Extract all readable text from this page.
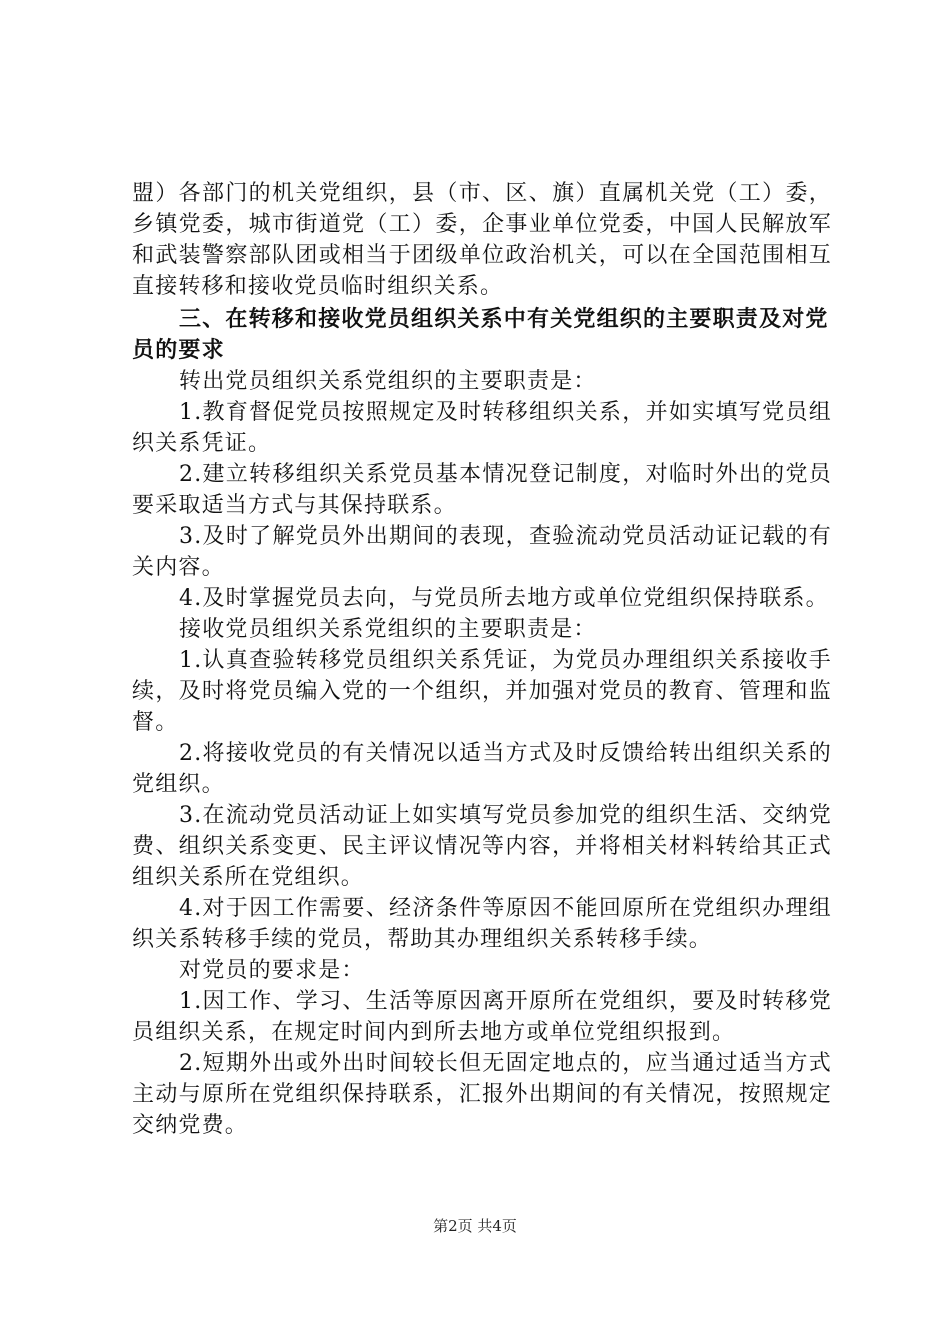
盟）各部门的机关党组织，县（市、区、旗）直属机关党（工）委，乡镇党委，城市街道党（工）委，企事业单位党委，中国人民解放军和武装警察部队团或相当于团级单位政治机关，可以在全国范围相互直接转移和接收党员临时组织关系。

三、在转移和接收党员组织关系中有关党组织的主要职责及对党员的要求

转出党员组织关系党组织的主要职责是：

1.教育督促党员按照规定及时转移组织关系，并如实填写党员组织关系凭证。

2.建立转移组织关系党员基本情况登记制度，对临时外出的党员要采取适当方式与其保持联系。

3.及时了解党员外出期间的表现，查验流动党员活动证记载的有关内容。

4.及时掌握党员去向，与党员所去地方或单位党组织保持联系。

接收党员组织关系党组织的主要职责是：

1.认真查验转移党员组织关系凭证，为党员办理组织关系接收手续，及时将党员编入党的一个组织，并加强对党员的教育、管理和监督。

2.将接收党员的有关情况以适当方式及时反馈给转出组织关系的党组织。

3.在流动党员活动证上如实填写党员参加党的组织生活、交纳党费、组织关系变更、民主评议情况等内容，并将相关材料转给其正式组织关系所在党组织。

4.对于因工作需要、经济条件等原因不能回原所在党组织办理组织关系转移手续的党员，帮助其办理组织关系转移手续。

对党员的要求是：

1.因工作、学习、生活等原因离开原所在党组织，要及时转移党员组织关系，在规定时间内到所去地方或单位党组织报到。

2.短期外出或外出时间较长但无固定地点的，应当通过适当方式主动与原所在党组织保持联系，汇报外出期间的有关情况，按照规定交纳党费。

第2页 共4页
